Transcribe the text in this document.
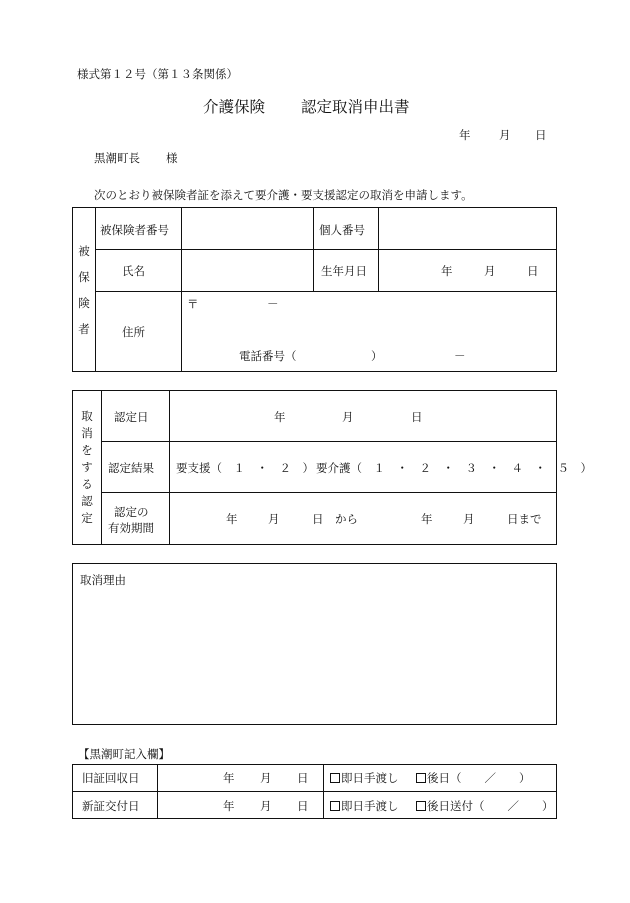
様式第１２号（第１３条関係）
介護保険 認定取消申出書
年 月 日
黒潮町長 様
次のとおり被保険者証を添えて要介護・要支援認定の取消を申請します。
被
保
険
者
被保険者番号	個人番号
氏名	生年月日	年	月	日
〒	－
住所
電話番号（	）	－
取
消
を
す
る
認
定
認定日	年	月	日
認定結果 要支援（　１　・　２　） 要介護（　１　・　２　・　３　・　４　・　５　）
認定の
有効期間
年	月	日 から	年	月	日まで
取消理由
【黒潮町記入欄】
旧証回収日	年 月 日	即日手渡し	後日（　　／　　）
新証交付日	年 月 日	即日手渡し	後日送付（　　／　　）
